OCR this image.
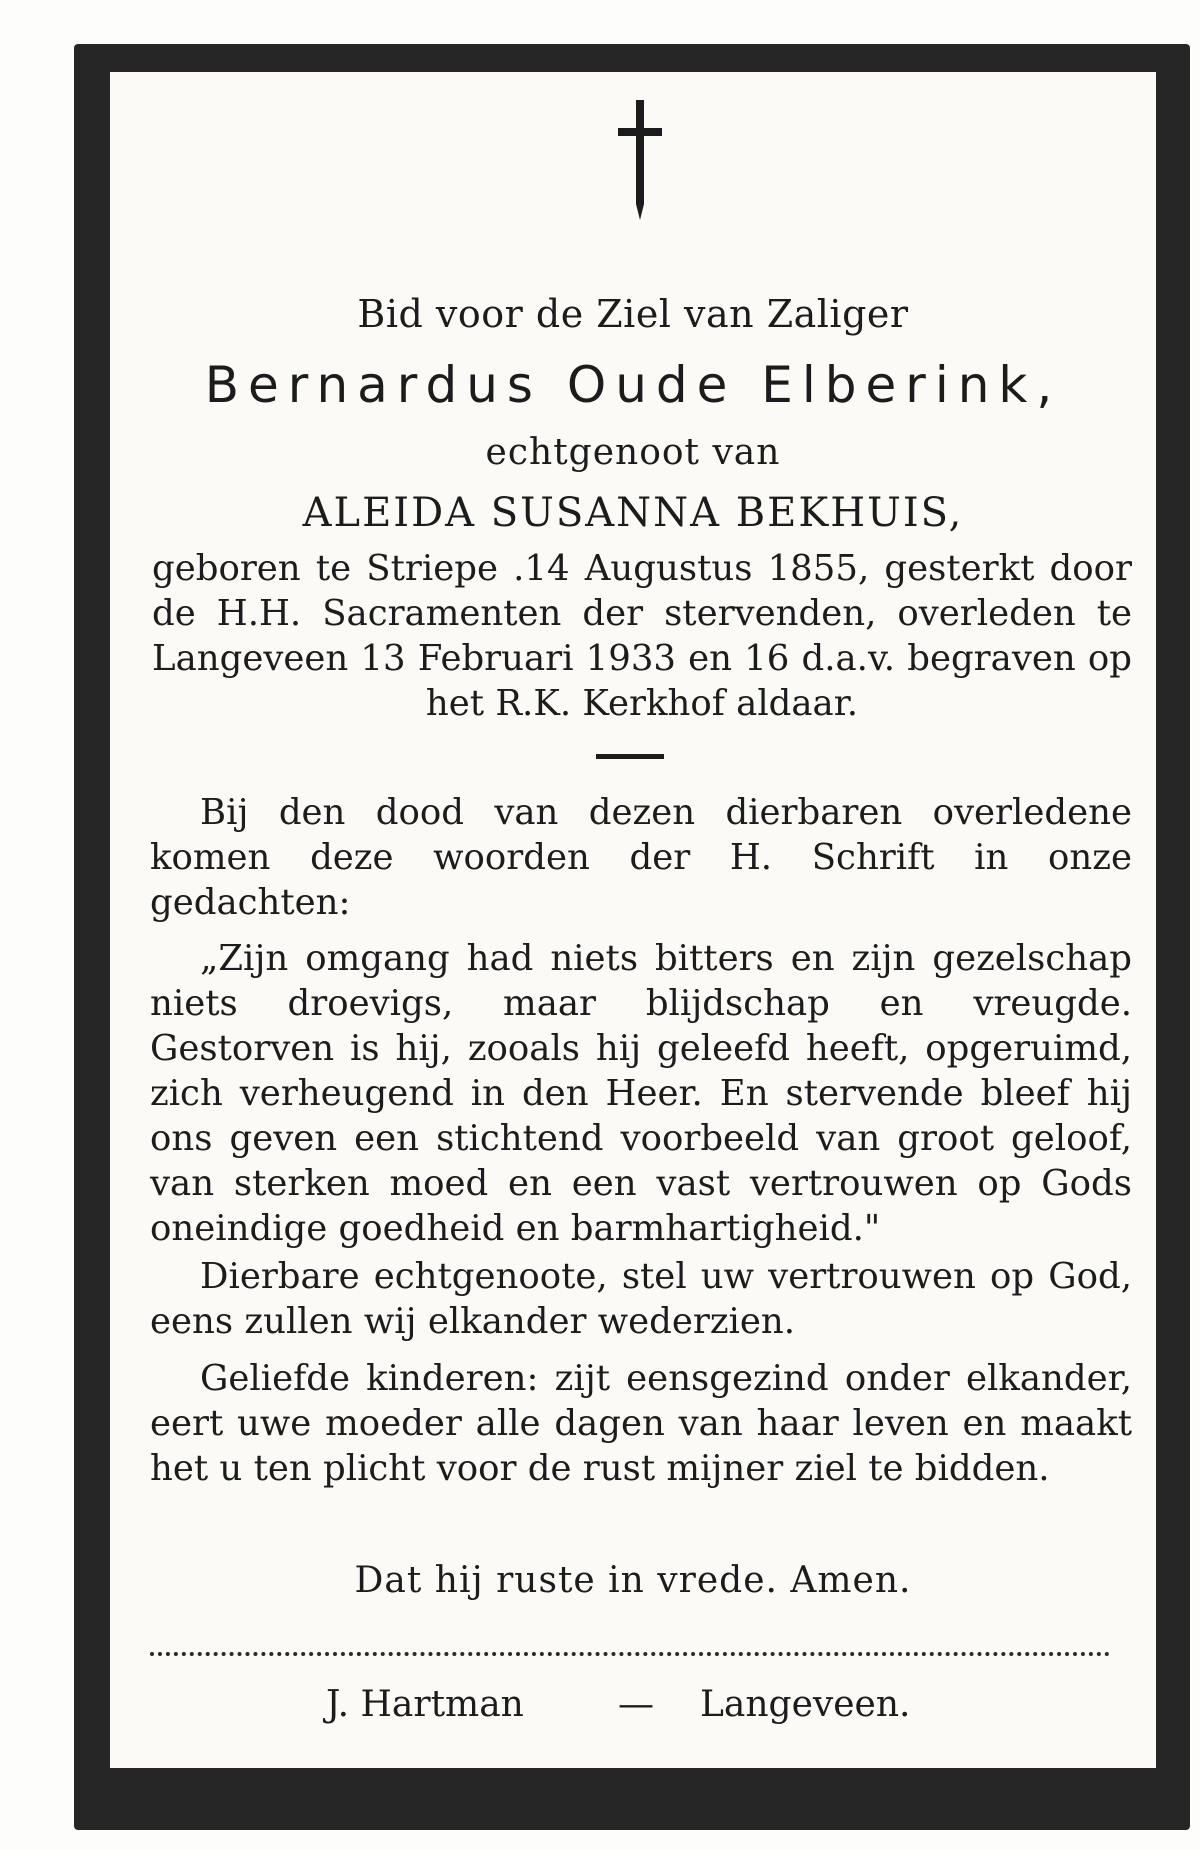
Bid voor de Ziel van Zaliger

Bernardus Oude Elberink,

echtgenoot van

ALEIDA SUSANNA BEKHUIS,

geboren te Striepe .14 Augustus 1855, gesterkt door de H.H. Sacramenten der stervenden, overleden te Langeveen 13 Februari 1933 en 16 d.a.v. begraven op het R.K. Kerkhof aldaar.

Bij den dood van dezen dierbaren overledene komen deze woorden der H. Schrift in onze gedachten:

„Zijn omgang had niets bitters en zijn gezelschap niets droevigs, maar blijdschap en vreugde. Gestorven is hij, zooals hij geleefd heeft, opgeruimd, zich verheugend in den Heer. En stervende bleef hij ons geven een stichtend voorbeeld van groot geloof, van sterken moed en een vast vertrouwen op Gods oneindige goedheid en barmhartigheid."

Dierbare echtgenoote, stel uw vertrouwen op God, eens zullen wij elkander wederzien.

Geliefde kinderen: zijt eensgezind onder elkander, eert uwe moeder alle dagen van haar leven en maakt het u ten plicht voor de rust mijner ziel te bidden.

Dat hij ruste in vrede. Amen.

J. Hartman	— Langeveen.
